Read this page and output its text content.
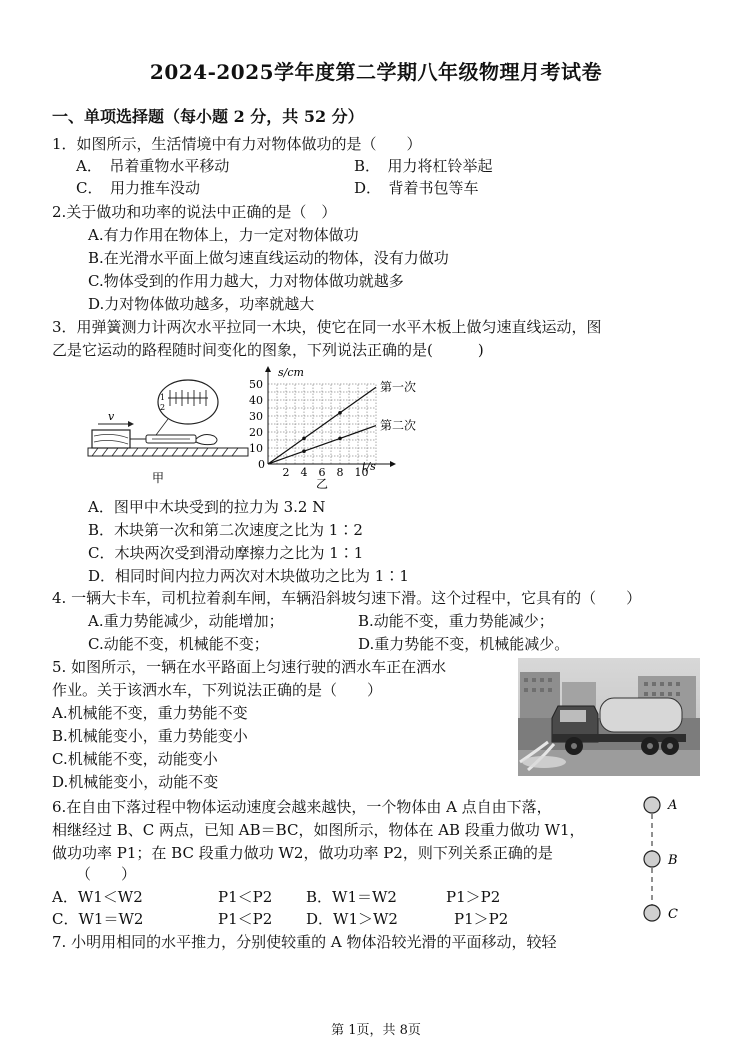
2024-2025学年度第二学期八年级物理月考试卷
一、单项选择题（每小题 2 分，共 52 分）
1．如图所示，生活情境中有力对物体做功的是（　　）
A．　吊着重物水平移动	B．　用力将杠铃举起
C．　用力推车没动	D．　背着书包等车
2.关于做功和功率的说法中正确的是（　）
A.有力作用在物体上，力一定对物体做功
B.在光滑水平面上做匀速直线运动的物体，没有力做功
C.物体受到的作用力越大，力对物体做功就越多
D.力对物体做功越多，功率就越大
3．用弹簧测力计两次水平拉同一木块，使它在同一水平木板上做匀速直线运动，图
乙是它运动的路程随时间变化的图象，下列说法正确的是(　　　)
v
1
2
甲	2 4 6 8 10
10
20
30
40
50	第一次
第二次
s/cm
t/s
0
乙
A．图甲中木块受到的拉力为 3.2 N
B．木块第一次和第二次速度之比为 1∶2
C．木块两次受到滑动摩擦力之比为 1∶1
D．相同时间内拉力两次对木块做功之比为 1∶1
4. 一辆大卡车，司机拉着刹车闸，车辆沿斜坡匀速下滑。这个过程中，它具有的（　　）
A.重力势能减少，动能增加；	B.动能不变，重力势能减少；
C.动能不变，机械能不变；	D.重力势能不变，机械能减少。
5. 如图所示，一辆在水平路面上匀速行驶的洒水车正在洒水
作业。关于该洒水车，下列说法正确的是（　　）
A.机械能不变，重力势能不变
B.机械能变小，重力势能变小
C.机械能不变，动能变小
D.机械能变小，动能不变
6.在自由下落过程中物体运动速度会越来越快，一个物体由 A 点自由下落，
相继经过 B、C 两点，已知 AB＝BC，如图所示，物体在 AB 段重力做功 W1，
做功功率 P1；在 BC 段重力做功 W2，做功功率 P2，则下列关系正确的是
（　　）
A．W1＜W2	P1＜P2 B．W1＝W2	P1＞P2
C．W1＝W2	P1＜P2 D．W1＞W2	P1＞P2
A
B
C
7. 小明用相同的水平推力，分别使较重的 A 物体沿较光滑的平面移动，较轻
第 1页，共 8页
